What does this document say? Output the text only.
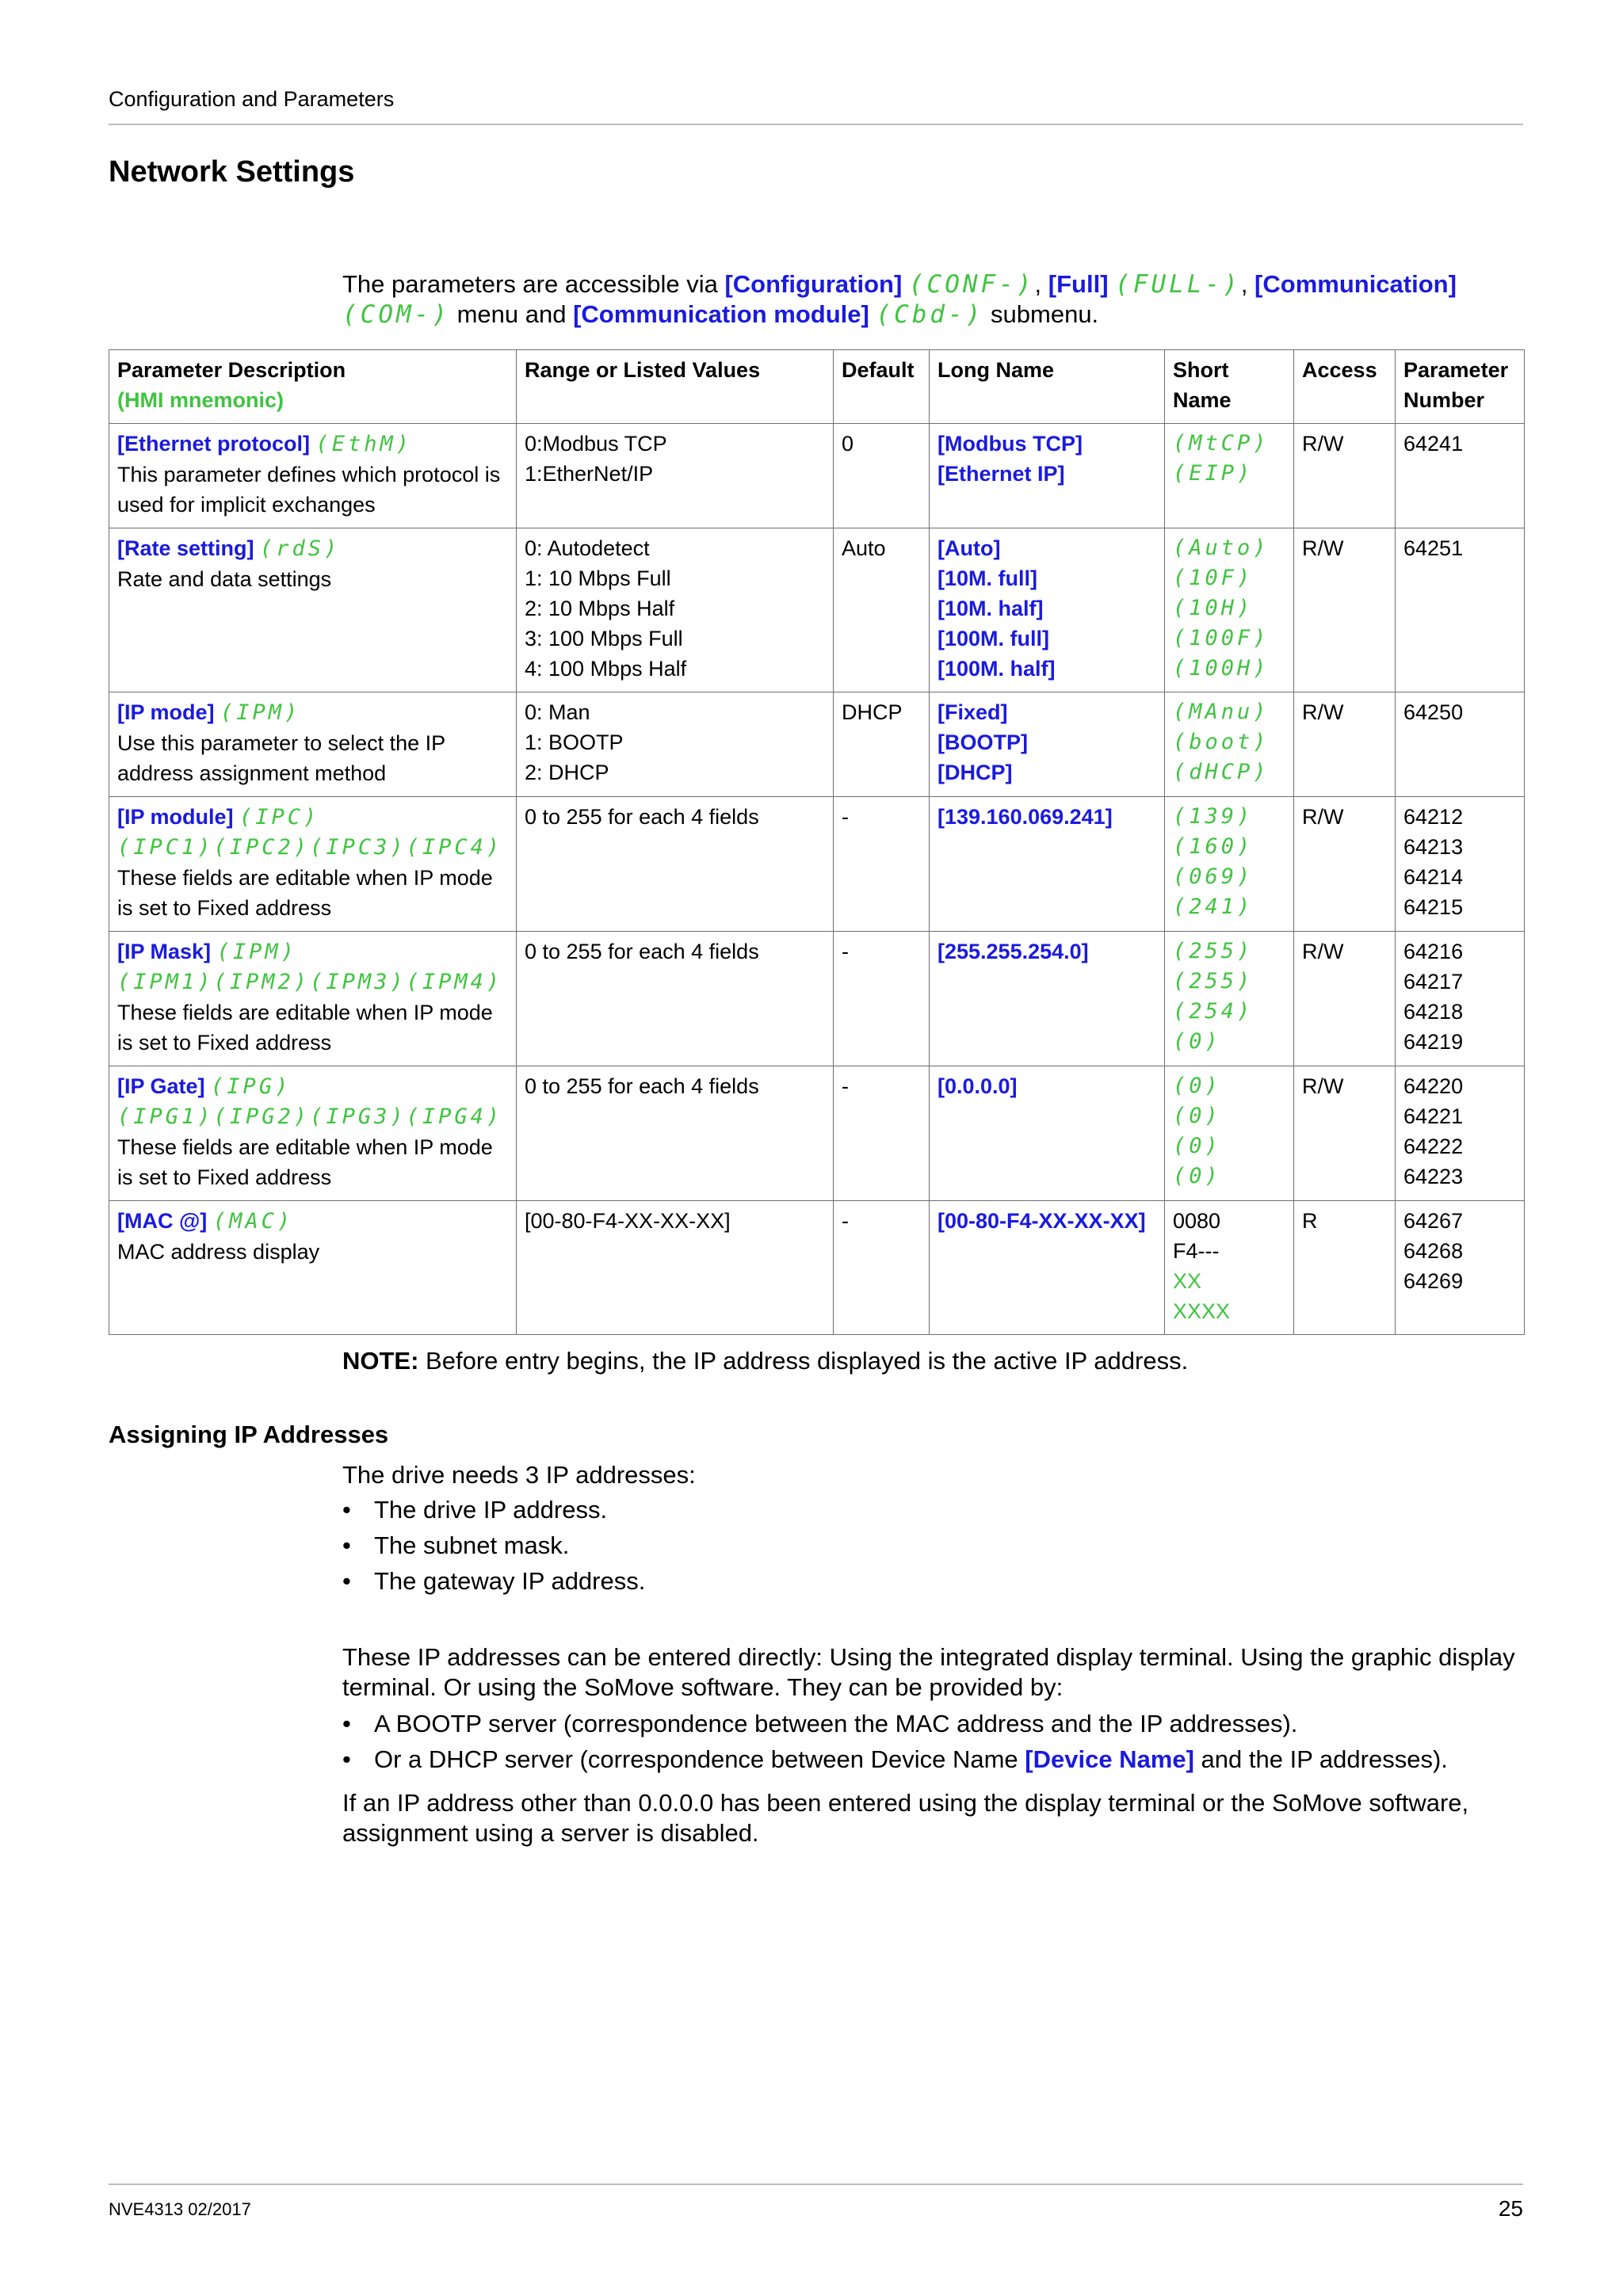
Configuration and Parameters
Network Settings

The parameters are accessible via [Configuration] (CONF-), [Full] (FULL-), [Communication]
(COM-) menu and [Communication module] (Cbd-) submenu.

Parameter Description
(HMI mnemonic)	Range or Listed Values	Default	Long Name	Short Name	Access	Parameter Number

[Ethernet protocol] (EthM)
This parameter defines which protocol is used for implicit exchanges	0:Modbus TCP
1:EtherNet/IP	0	[Modbus TCP]
[Ethernet IP]	(MtCP)
(EIP)	R/W	64241

[Rate setting] (rdS)
Rate and data settings	0: Autodetect
1: 10 Mbps Full
2: 10 Mbps Half
3: 100 Mbps Full
4: 100 Mbps Half	Auto	[Auto]
[10M. full]
[10M. half]
[100M. full]
[100M. half]	(Auto)
(10F)
(10H)
(100F)
(100H)	R/W	64251

[IP mode] (IPM)
Use this parameter to select the IP address assignment method	0: Man
1: BOOTP
2: DHCP	DHCP	[Fixed]
[BOOTP]
[DHCP]	(MAnu)
(boot)
(dHCP)	R/W	64250

[IP module] (IPC)
(IPC1)(IPC2)(IPC3)(IPC4)
These fields are editable when IP mode is set to Fixed address	0 to 255 for each 4 fields	-	[139.160.069.241]	(139)
(160)
(069)
(241)	R/W	64212
64213
64214
64215

[IP Mask] (IPM)
(IPM1)(IPM2)(IPM3)(IPM4)
These fields are editable when IP mode is set to Fixed address	0 to 255 for each 4 fields	-	[255.255.254.0]	(255)
(255)
(254)
(0)	R/W	64216
64217
64218
64219

[IP Gate] (IPG)
(IPG1)(IPG2)(IPG3)(IPG4)
These fields are editable when IP mode is set to Fixed address	0 to 255 for each 4 fields	-	[0.0.0.0]	(0)
(0)
(0)
(0)	R/W	64220
64221
64222
64223

[MAC @] (MAC)
MAC address display	[00-80-F4-XX-XX-XX]	-	[00-80-F4-XX-XX-XX]	0080
F4---
XX
XXXX	R	64267
64268
64269

NOTE: Before entry begins, the IP address displayed is the active IP address.

Assigning IP Addresses

The drive needs 3 IP addresses:

• The drive IP address.
• The subnet mask.
• The gateway IP address.

These IP addresses can be entered directly: Using the integrated display terminal. Using the graphic display terminal. Or using the SoMove software. They can be provided by:

• A BOOTP server (correspondence between the MAC address and the IP addresses).
• Or a DHCP server (correspondence between Device Name [Device Name] and the IP addresses).

If an IP address other than 0.0.0.0 has been entered using the display terminal or the SoMove software, assignment using a server is disabled.

NVE4313 02/2017	25
